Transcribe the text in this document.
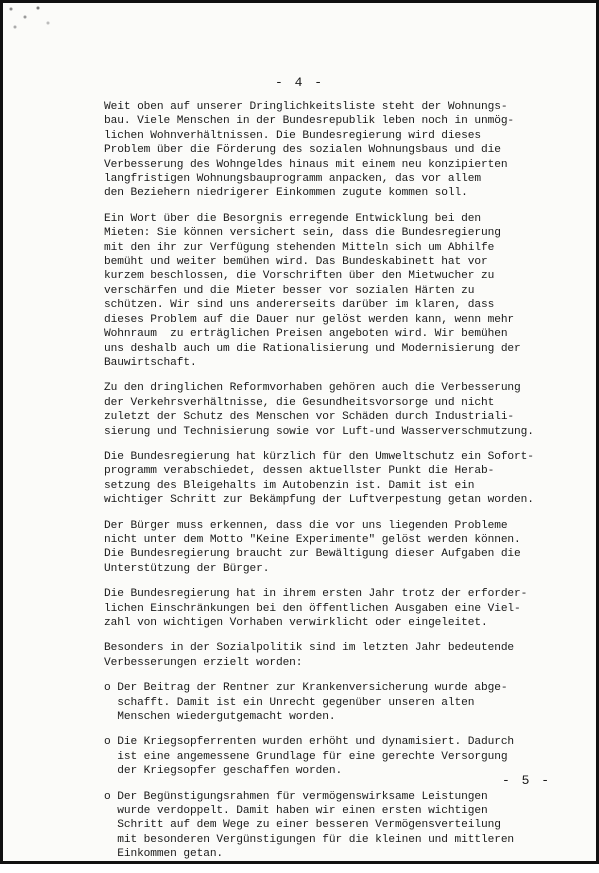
- 4 -

Weit oben auf unserer Dringlichkeitsliste steht der Wohnungs-
bau. Viele Menschen in der Bundesrepublik leben noch in unmög-
lichen Wohnverhältnissen. Die Bundesregierung wird dieses
Problem über die Förderung des sozialen Wohnungsbaus und die
Verbesserung des Wohngeldes hinaus mit einem neu konzipierten
langfristigen Wohnungsbauprogramm anpacken, das vor allem
den Beziehern niedrigerer Einkommen zugute kommen soll.

Ein Wort über die Besorgnis erregende Entwicklung bei den
Mieten: Sie können versichert sein, dass die Bundesregierung
mit den ihr zur Verfügung stehenden Mitteln sich um Abhilfe
bemüht und weiter bemühen wird. Das Bundeskabinett hat vor
kurzem beschlossen, die Vorschriften über den Mietwucher zu
verschärfen und die Mieter besser vor sozialen Härten zu
schützen. Wir sind uns andererseits darüber im klaren, dass
dieses Problem auf die Dauer nur gelöst werden kann, wenn mehr
Wohnraum  zu erträglichen Preisen angeboten wird. Wir bemühen
uns deshalb auch um die Rationalisierung und Modernisierung der
Bauwirtschaft.

Zu den dringlichen Reformvorhaben gehören auch die Verbesserung
der Verkehrsverhältnisse, die Gesundheitsvorsorge und nicht
zuletzt der Schutz des Menschen vor Schäden durch Industriali-
sierung und Technisierung sowie vor Luft-und Wasserverschmutzung.

Die Bundesregierung hat kürzlich für den Umweltschutz ein Sofort-
programm verabschiedet, dessen aktuellster Punkt die Herab-
setzung des Bleigehalts im Autobenzin ist. Damit ist ein
wichtiger Schritt zur Bekämpfung der Luftverpestung getan worden.

Der Bürger muss erkennen, dass die vor uns liegenden Probleme
nicht unter dem Motto "Keine Experimente" gelöst werden können.
Die Bundesregierung braucht zur Bewältigung dieser Aufgaben die
Unterstützung der Bürger.

Die Bundesregierung hat in ihrem ersten Jahr trotz der erforder-
lichen Einschränkungen bei den öffentlichen Ausgaben eine Viel-
zahl von wichtigen Vorhaben verwirklicht oder eingeleitet.

Besonders in der Sozialpolitik sind im letzten Jahr bedeutende
Verbesserungen erzielt worden:

o Der Beitrag der Rentner zur Krankenversicherung wurde abge-
schafft. Damit ist ein Unrecht gegenüber unseren alten
Menschen wiedergutgemacht worden.

o Die Kriegsopferrenten wurden erhöht und dynamisiert. Dadurch
ist eine angemessene Grundlage für eine gerechte Versorgung
der Kriegsopfer geschaffen worden.

o Der Begünstigungsrahmen für vermögenswirksame Leistungen
wurde verdoppelt. Damit haben wir einen ersten wichtigen
Schritt auf dem Wege zu einer besseren Vermögensverteilung
mit besonderen Vergünstigungen für die kleinen und mittleren
Einkommen getan.

- 5 -
